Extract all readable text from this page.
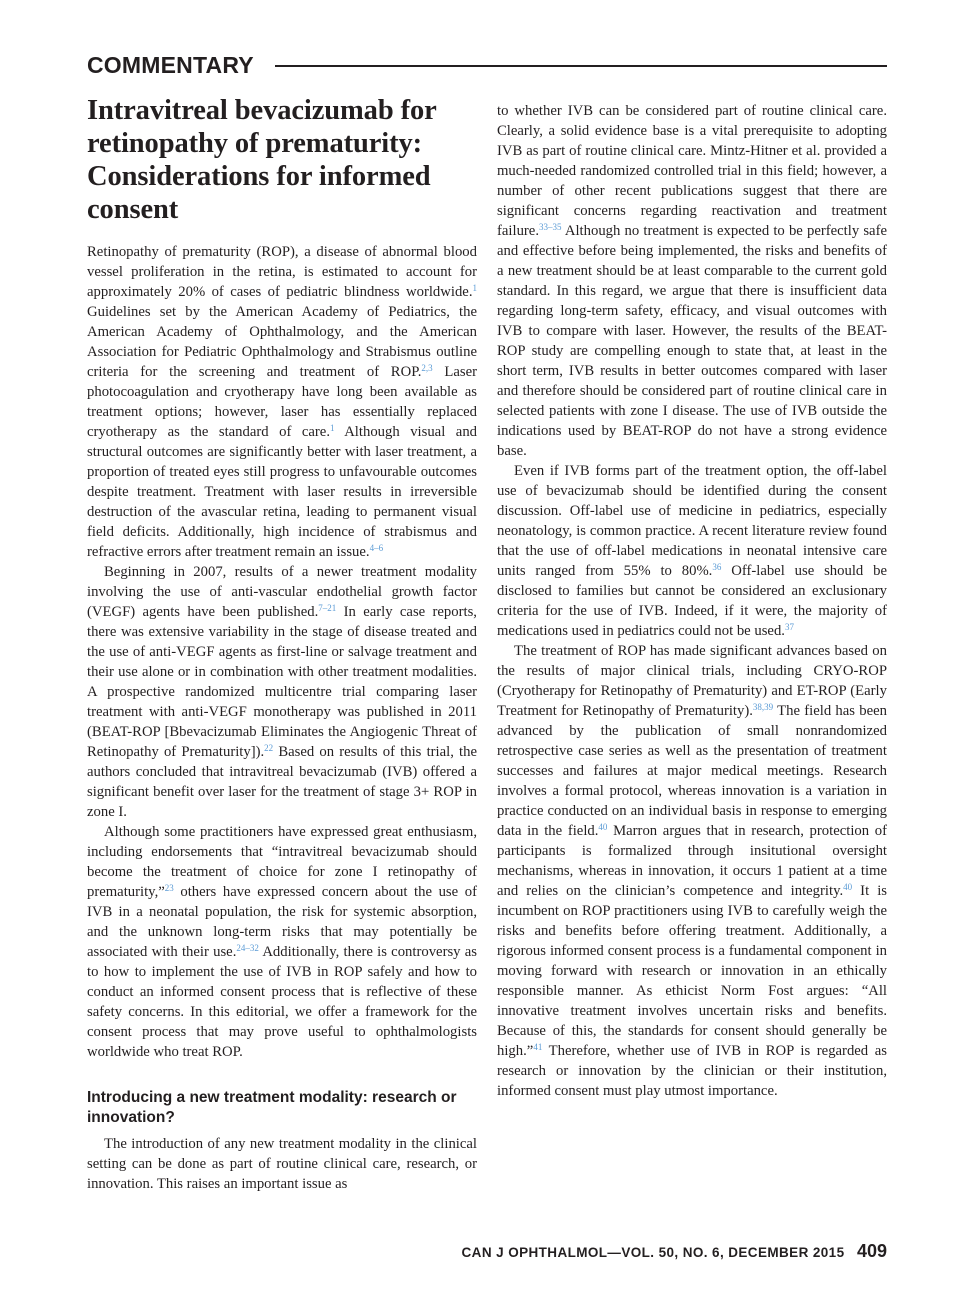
COMMENTARY
Intravitreal bevacizumab for retinopathy of prematurity: Considerations for informed consent

Retinopathy of prematurity (ROP), a disease of abnormal blood vessel proliferation in the retina, is estimated to account for approximately 20% of cases of pediatric blindness worldwide.$^1$ Guidelines set by the American Academy of Pediatrics, the American Academy of Ophthalmology, and the American Association for Pediatric Ophthalmology and Strabismus outline criteria for the screening and treatment of ROP.$^{2,3}$ Laser photocoagulation and cryotherapy have long been available as treatment options; however, laser has essentially replaced cryotherapy as the standard of care.$^1$ Although visual and structural outcomes are significantly better with laser treatment, a proportion of treated eyes still progress to unfavourable outcomes despite treatment. Treatment with laser results in irreversible destruction of the avascular retina, leading to permanent visual field deficits. Additionally, high incidence of strabismus and refractive errors after treatment remain an issue.$^{4-6}$

Beginning in 2007, results of a newer treatment modality involving the use of anti-vascular endothelial growth factor (VEGF) agents have been published.$^{7-21}$ In early case reports, there was extensive variability in the stage of disease treated and the use of anti-VEGF agents as first-line or salvage treatment and their use alone or in combination with other treatment modalities. A prospective randomized multicentre trial comparing laser treatment with anti-VEGF monotherapy was published in 2011 (BEAT-ROP [Bbevacizumab Eliminates the Angiogenic Threat of Retinopathy of Prematurity]).$^{22}$ Based on results of this trial, the authors concluded that intravitreal bevacizumab (IVB) offered a significant benefit over laser for the treatment of stage 3+ ROP in zone I.

Although some practitioners have expressed great enthusiasm, including endorsements that “intravitreal bevacizumab should become the treatment of choice for zone I retinopathy of prematurity,”$^{23}$ others have expressed concern about the use of IVB in a neonatal population, the risk for systemic absorption, and the unknown long-term risks that may potentially be associated with their use.$^{24-32}$ Additionally, there is controversy as to how to implement the use of IVB in ROP safely and how to conduct an informed consent process that is reflective of these safety concerns. In this editorial, we offer a framework for the consent process that may prove useful to ophthalmologists worldwide who treat ROP.

Introducing a new treatment modality: research or innovation?

The introduction of any new treatment modality in the clinical setting can be done as part of routine clinical care, research, or innovation. This raises an important issue as

to whether IVB can be considered part of routine clinical care. Clearly, a solid evidence base is a vital prerequisite to adopting IVB as part of routine clinical care. Mintz-Hitner et al. provided a much-needed randomized controlled trial in this field; however, a number of other recent publications suggest that there are significant concerns regarding reactivation and treatment failure.$^{33-35}$ Although no treatment is expected to be perfectly safe and effective before being implemented, the risks and benefits of a new treatment should be at least comparable to the current gold standard. In this regard, we argue that there is insufficient data regarding long-term safety, efficacy, and visual outcomes with IVB to compare with laser. However, the results of the BEAT-ROP study are compelling enough to state that, at least in the short term, IVB results in better outcomes compared with laser and therefore should be considered part of routine clinical care in selected patients with zone I disease. The use of IVB outside the indications used by BEAT-ROP do not have a strong evidence base.

Even if IVB forms part of the treatment option, the off-label use of bevacizumab should be identified during the consent discussion. Off-label use of medicine in pediatrics, especially neonatology, is common practice. A recent literature review found that the use of off-label medications in neonatal intensive care units ranged from 55% to 80%.$^{36}$ Off-label use should be disclosed to families but cannot be considered an exclusionary criteria for the use of IVB. Indeed, if it were, the majority of medications used in pediatrics could not be used.$^{37}$

The treatment of ROP has made significant advances based on the results of major clinical trials, including CRYO-ROP (Cryotherapy for Retinopathy of Prematurity) and ET-ROP (Early Treatment for Retinopathy of Prematurity).$^{38,39}$ The field has been advanced by the publication of small nonrandomized retrospective case series as well as the presentation of treatment successes and failures at major medical meetings. Research involves a formal protocol, whereas innovation is a variation in practice conducted on an individual basis in response to emerging data in the field.$^{40}$ Marron argues that in research, protection of participants is formalized through insitutional oversight mechanisms, whereas in innovation, it occurs 1 patient at a time and relies on the clinician’s competence and integrity.$^{40}$ It is incumbent on ROP practitioners using IVB to carefully weigh the risks and benefits before offering treatment. Additionally, a rigorous informed consent process is a fundamental component in moving forward with research or innovation in an ethically responsible manner. As ethicist Norm Fost argues: “All innovative treatment involves uncertain risks and benefits. Because of this, the standards for consent should generally be high.”$^{41}$ Therefore, whether use of IVB in ROP is regarded as research or innovation by the clinician or their institution, informed consent must play utmost importance.

CAN J OPHTHALMOL—VOL. 50, NO. 6, DECEMBER 2015 409
